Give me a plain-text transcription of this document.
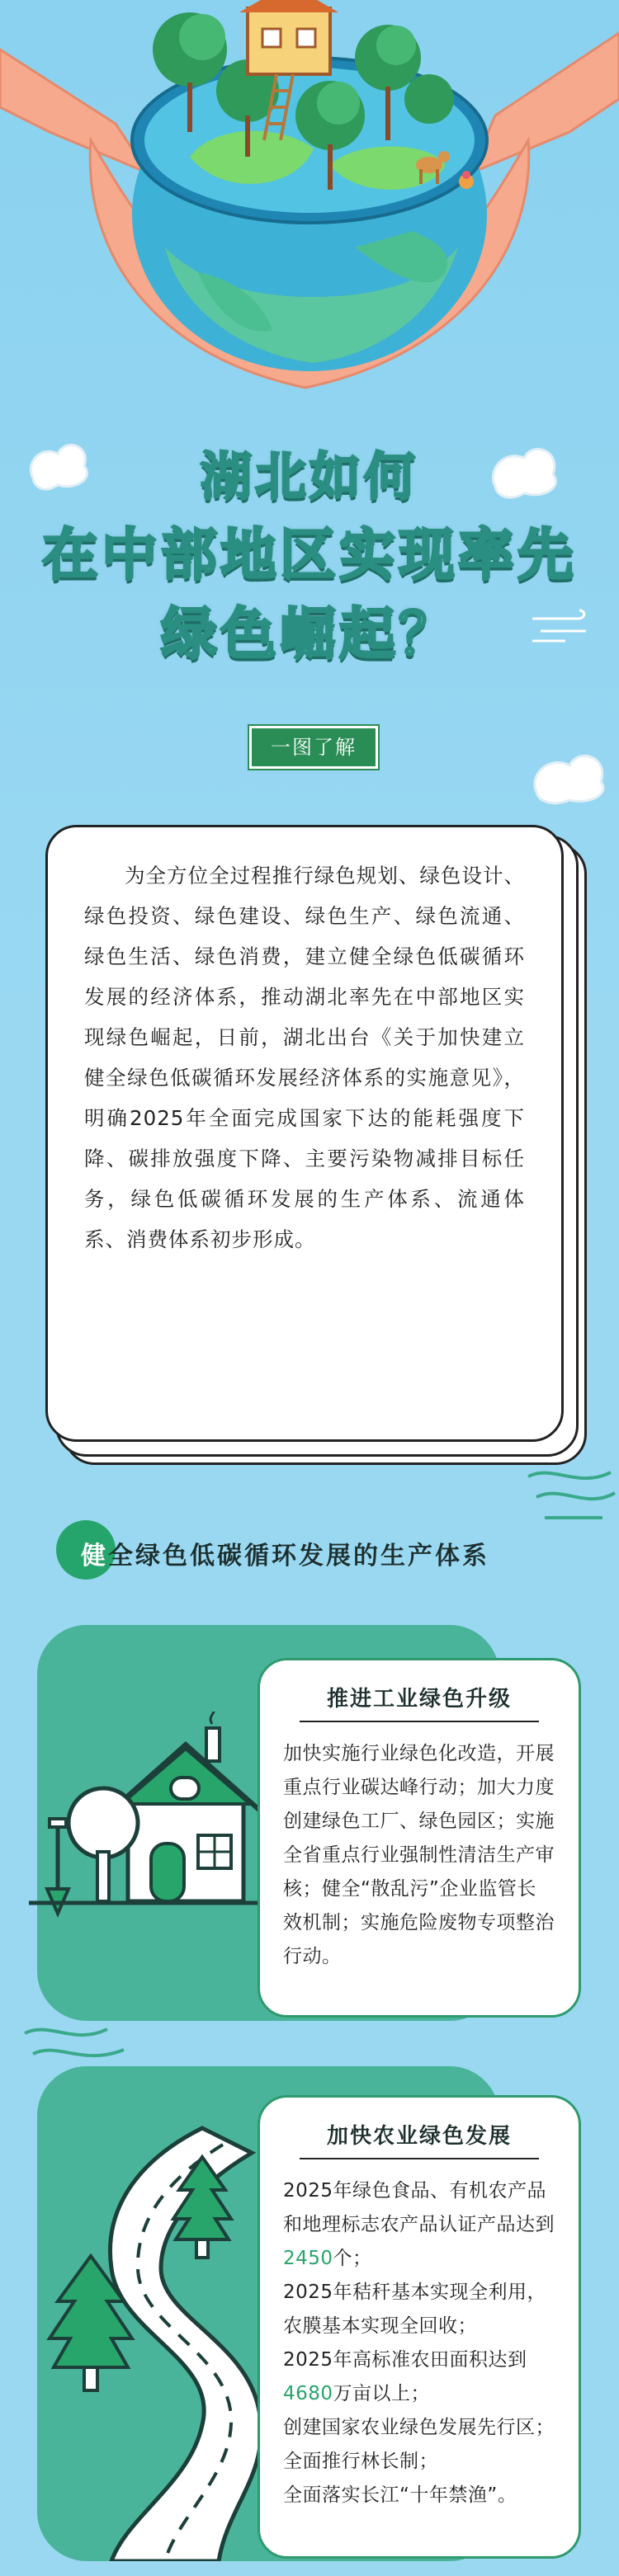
湖北如何
在中部地区实现率先
绿色崛起？
一图了解

为全方位全过程推行绿色规划、绿色设计、绿色投资、绿色建设、绿色生产、绿色流通、绿色生活、绿色消费，建立健全绿色低碳循环发展的经济体系，推动湖北率先在中部地区实现绿色崛起，日前，湖北出台《关于加快建立健全绿色低碳循环发展经济体系的实施意见》，明确2025年全面完成国家下达的能耗强度下降、碳排放强度下降、主要污染物减排目标任务，绿色低碳循环发展的生产体系、流通体系、消费体系初步形成。

健全绿色低碳循环发展的生产体系
推进工业绿色升级

加快实施行业绿色化改造，开展重点行业碳达峰行动；加大力度创建绿色工厂、绿色园区；实施全省重点行业强制性清洁生产审核；健全“散乱污”企业监管长效机制；实施危险废物专项整治行动。

加快农业绿色发展

2025年绿色食品、有机农产品和地理标志农产品认证产品达到2450个；
2025年秸秆基本实现全利用，农膜基本实现全回收；
2025年高标准农田面积达到4680万亩以上；
创建国家农业绿色发展先行区；
全面推行林长制；
全面落实长江“十年禁渔”。
